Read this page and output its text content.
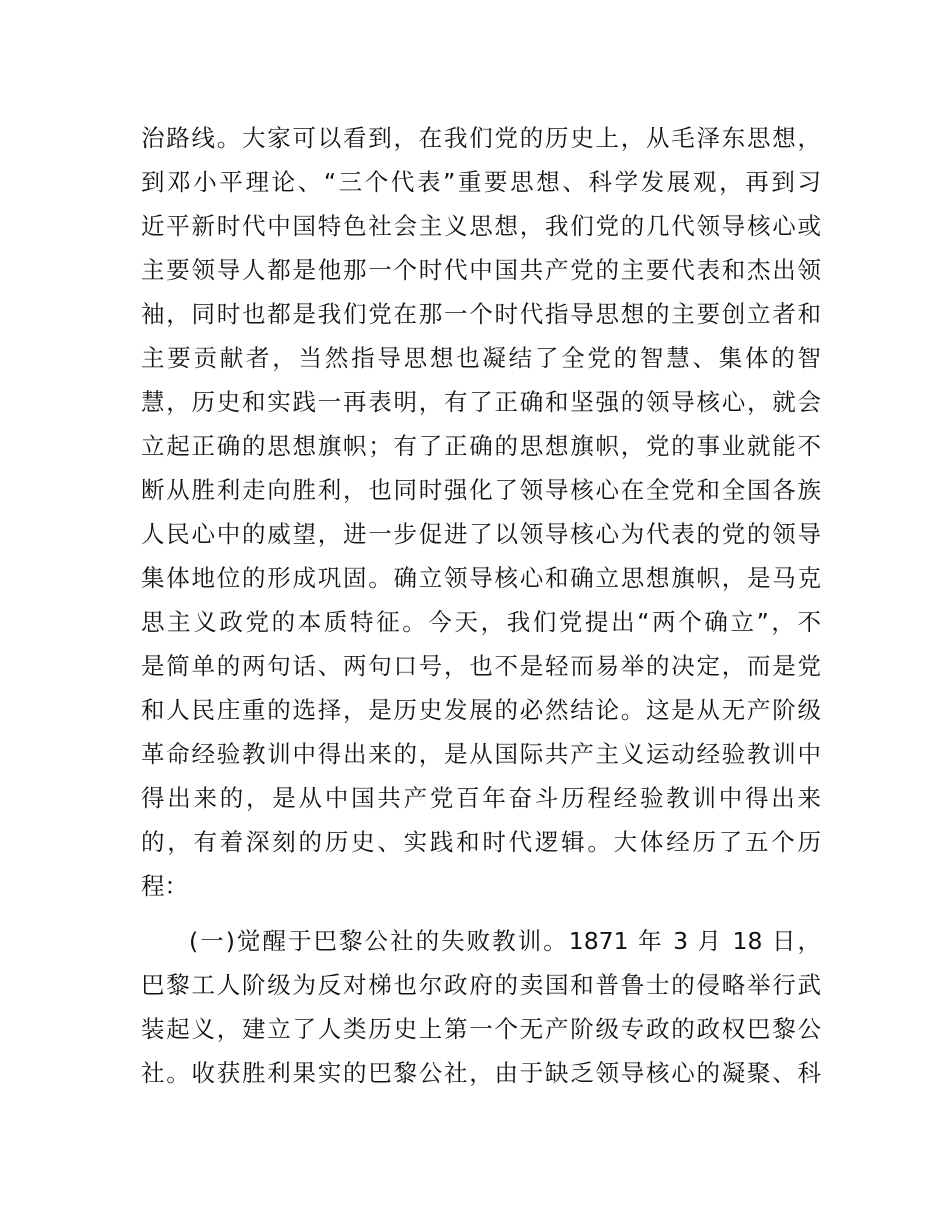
治路线。大家可以看到，在我们党的历史上，从毛泽东思想，
到邓小平理论、“三个代表”重要思想、科学发展观，再到习
近平新时代中国特色社会主义思想，我们党的几代领导核心或
主要领导人都是他那一个时代中国共产党的主要代表和杰出领
袖，同时也都是我们党在那一个时代指导思想的主要创立者和
主要贡献者，当然指导思想也凝结了全党的智慧、集体的智
慧，历史和实践一再表明，有了正确和坚强的领导核心，就会
立起正确的思想旗帜；有了正确的思想旗帜，党的事业就能不
断从胜利走向胜利，也同时强化了领导核心在全党和全国各族
人民心中的威望，进一步促进了以领导核心为代表的党的领导
集体地位的形成巩固。确立领导核心和确立思想旗帜，是马克
思主义政党的本质特征。今天，我们党提出“两个确立”，不
是简单的两句话、两句口号，也不是轻而易举的决定，而是党
和人民庄重的选择，是历史发展的必然结论。这是从无产阶级
革命经验教训中得出来的，是从国际共产主义运动经验教训中
得出来的，是从中国共产党百年奋斗历程经验教训中得出来
的，有着深刻的历史、实践和时代逻辑。大体经历了五个历
程：
(一)觉醒于巴黎公社的失败教训。1871 年 3 月 18 日，
巴黎工人阶级为反对梯也尔政府的卖国和普鲁士的侵略举行武
装起义，建立了人类历史上第一个无产阶级专政的政权巴黎公
社。收获胜利果实的巴黎公社，由于缺乏领导核心的凝聚、科
